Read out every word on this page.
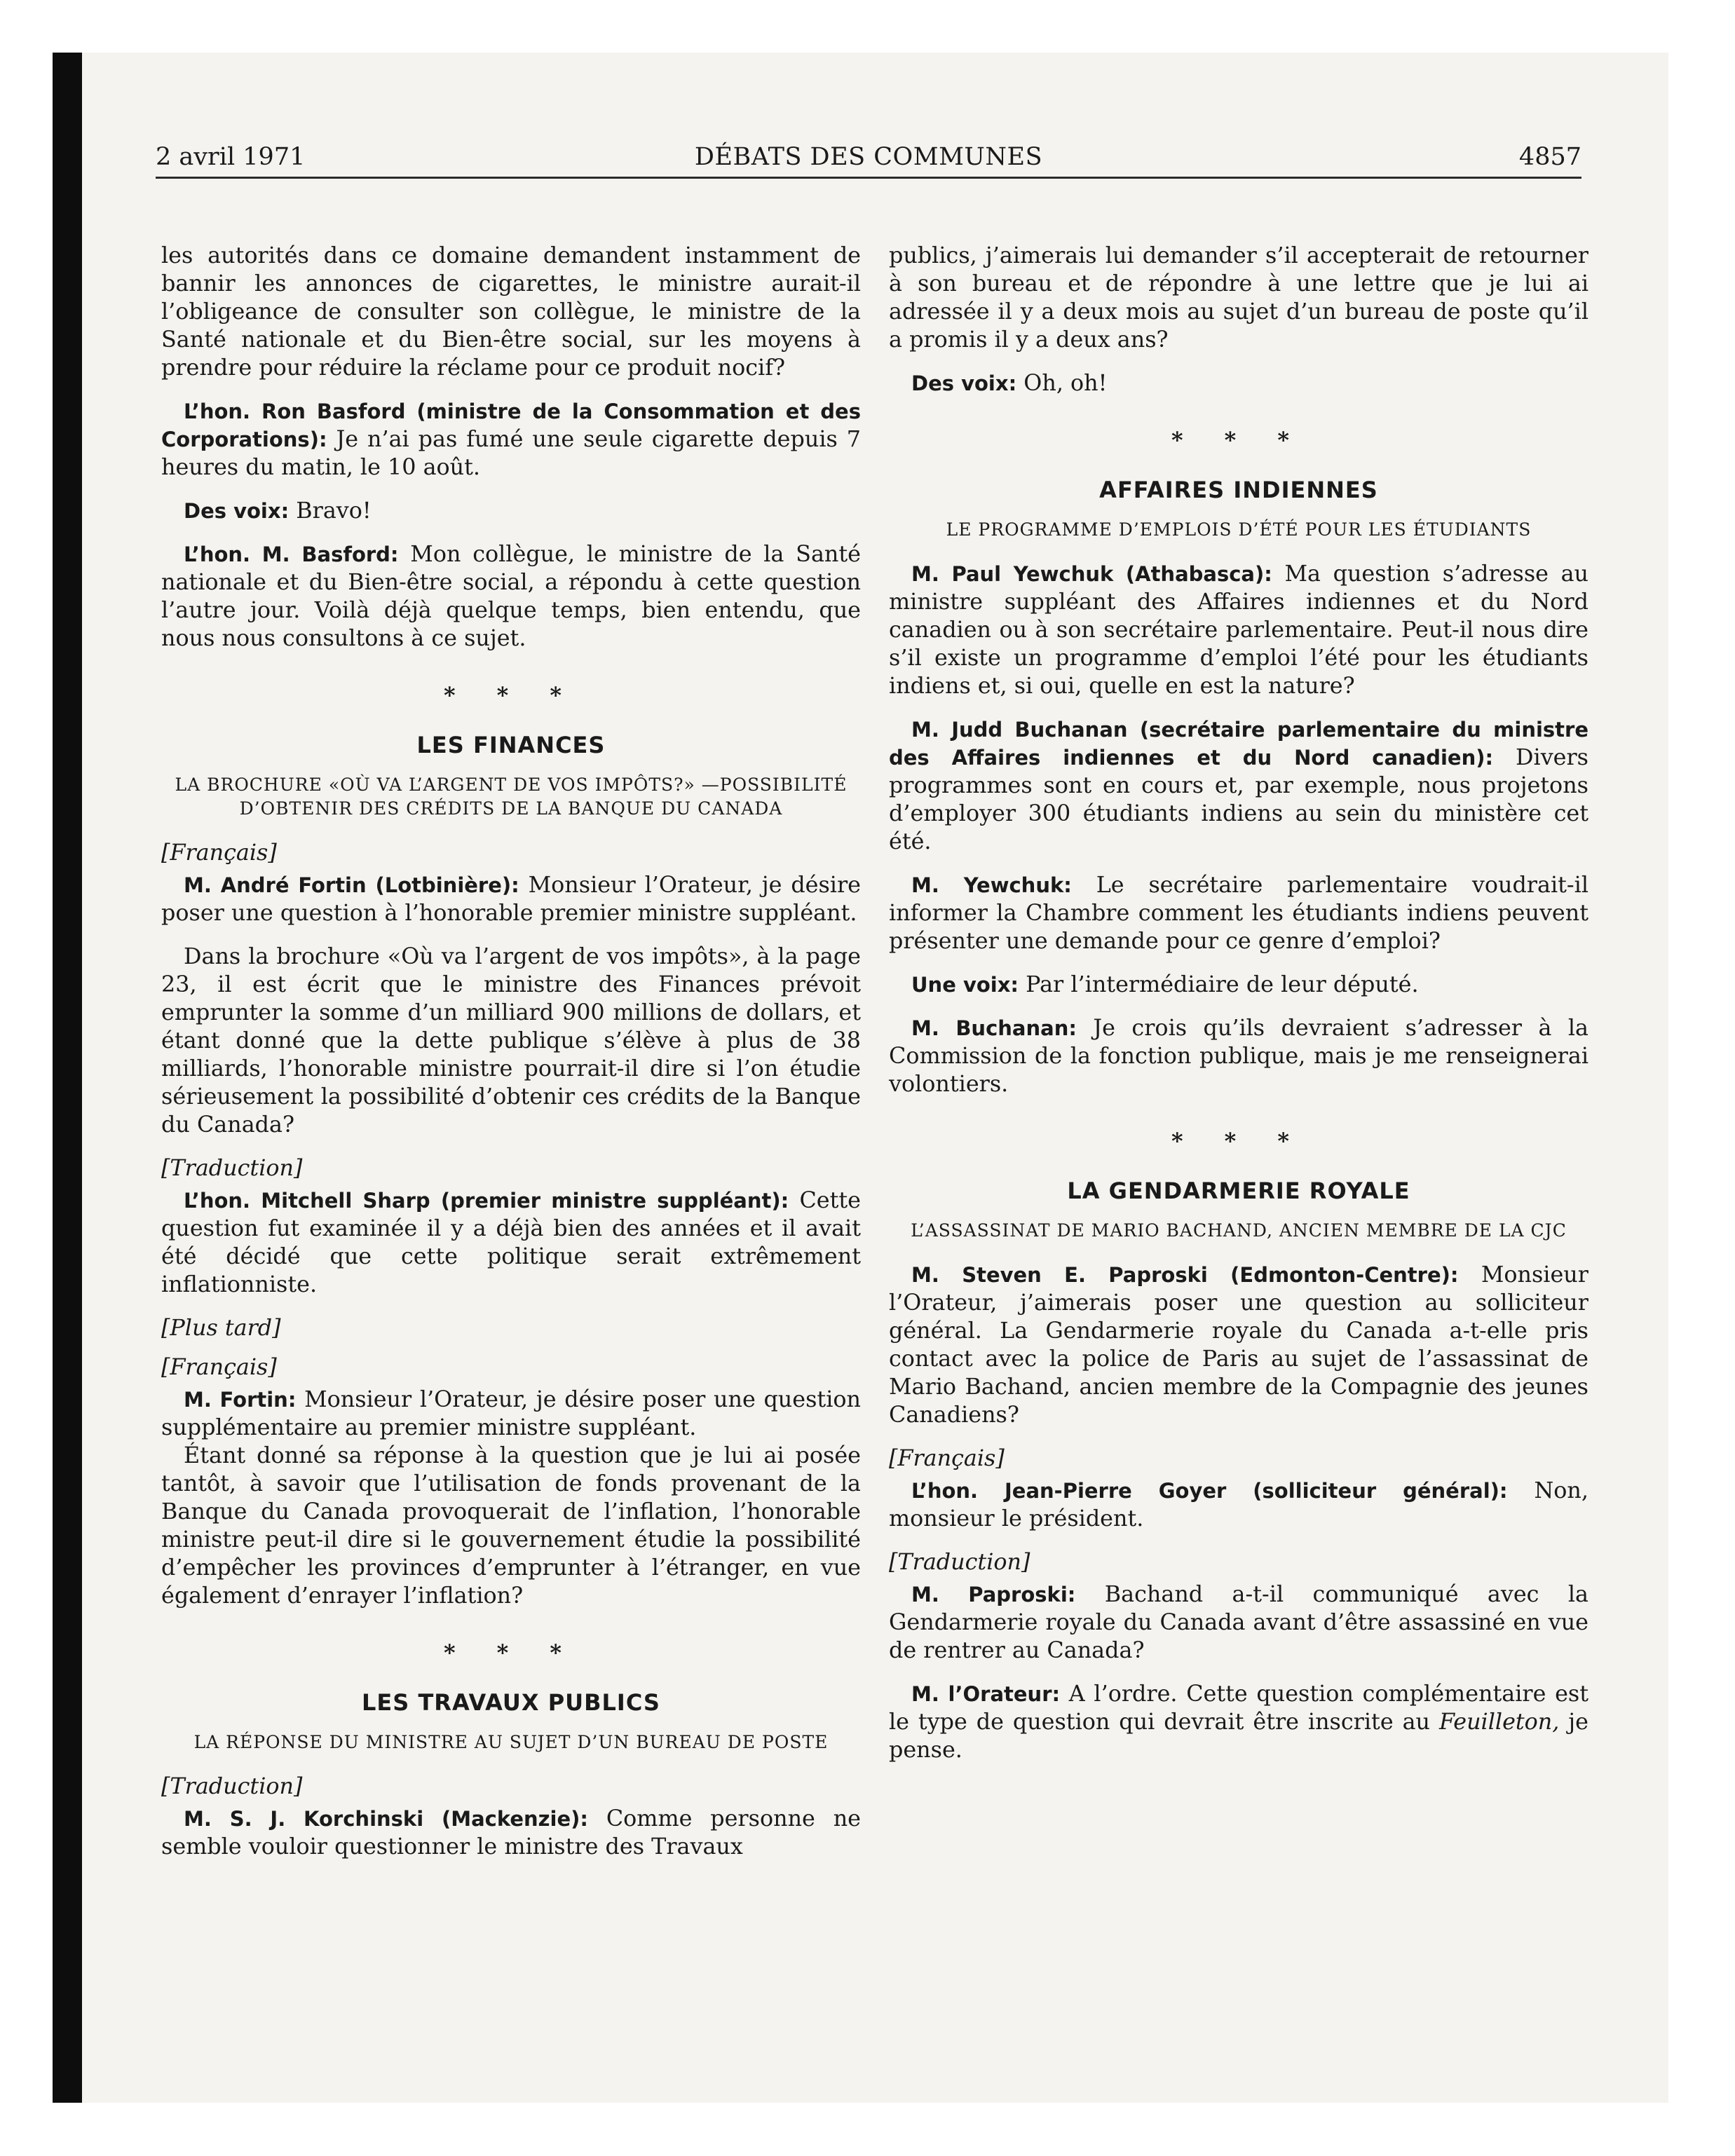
DÉBATS DES COMMUNES
2 avril 1971	4857

les autorités dans ce domaine demandent instamment de bannir les annonces de cigarettes, le ministre aurait-il l’obligeance de consulter son collègue, le ministre de la Santé nationale et du Bien-être social, sur les moyens à prendre pour réduire la réclame pour ce produit nocif?

L’hon. Ron Basford (ministre de la Consommation et des Corporations): Je n’ai pas fumé une seule cigarette depuis 7 heures du matin, le 10 août.

Des voix: Bravo!

L’hon. M. Basford: Mon collègue, le ministre de la Santé nationale et du Bien-être social, a répondu à cette question l’autre jour. Voilà déjà quelque temps, bien entendu, que nous nous consultons à ce sujet.

* * *

LES FINANCES

LA BROCHURE «OÙ VA L’ARGENT DE VOS IMPÔTS?» —POSSIBILITÉ D’OBTENIR DES CRÉDITS DE LA BANQUE DU CANADA

[Français]

M. André Fortin (Lotbinière): Monsieur l’Orateur, je désire poser une question à l’honorable premier ministre suppléant.

Dans la brochure «Où va l’argent de vos impôts», à la page 23, il est écrit que le ministre des Finances prévoit emprunter la somme d’un milliard 900 millions de dollars, et étant donné que la dette publique s’élève à plus de 38 milliards, l’honorable ministre pourrait-il dire si l’on étudie sérieusement la possibilité d’obtenir ces crédits de la Banque du Canada?

[Traduction]

L’hon. Mitchell Sharp (premier ministre suppléant): Cette question fut examinée il y a déjà bien des années et il avait été décidé que cette politique serait extrêmement inflationniste.

[Plus tard]

[Français]

M. Fortin: Monsieur l’Orateur, je désire poser une question supplémentaire au premier ministre suppléant.

Étant donné sa réponse à la question que je lui ai posée tantôt, à savoir que l’utilisation de fonds provenant de la Banque du Canada provoquerait de l’inflation, l’honorable ministre peut-il dire si le gouvernement étudie la possibilité d’empêcher les provinces d’emprunter à l’étranger, en vue également d’enrayer l’inflation?

* * *

LES TRAVAUX PUBLICS

LA RÉPONSE DU MINISTRE AU SUJET D’UN BUREAU DE POSTE

[Traduction]

M. S. J. Korchinski (Mackenzie): Comme personne ne semble vouloir questionner le ministre des Travaux

publics, j’aimerais lui demander s’il accepterait de retourner à son bureau et de répondre à une lettre que je lui ai adressée il y a deux mois au sujet d’un bureau de poste qu’il a promis il y a deux ans?

Des voix: Oh, oh!

* * *

AFFAIRES INDIENNES

LE PROGRAMME D’EMPLOIS D’ÉTÉ POUR LES ÉTUDIANTS

M. Paul Yewchuk (Athabasca): Ma question s’adresse au ministre suppléant des Affaires indiennes et du Nord canadien ou à son secrétaire parlementaire. Peut-il nous dire s’il existe un programme d’emploi l’été pour les étudiants indiens et, si oui, quelle en est la nature?

M. Judd Buchanan (secrétaire parlementaire du ministre des Affaires indiennes et du Nord canadien): Divers programmes sont en cours et, par exemple, nous projetons d’employer 300 étudiants indiens au sein du ministère cet été.

M. Yewchuk: Le secrétaire parlementaire voudrait-il informer la Chambre comment les étudiants indiens peuvent présenter une demande pour ce genre d’emploi?

Une voix: Par l’intermédiaire de leur député.

M. Buchanan: Je crois qu’ils devraient s’adresser à la Commission de la fonction publique, mais je me renseignerai volontiers.

* * *

LA GENDARMERIE ROYALE

L’ASSASSINAT DE MARIO BACHAND, ANCIEN MEMBRE DE LA CJC

M. Steven E. Paproski (Edmonton-Centre): Monsieur l’Orateur, j’aimerais poser une question au solliciteur général. La Gendarmerie royale du Canada a-t-elle pris contact avec la police de Paris au sujet de l’assassinat de Mario Bachand, ancien membre de la Compagnie des jeunes Canadiens?

[Français]

L’hon. Jean-Pierre Goyer (solliciteur général): Non, monsieur le président.

[Traduction]

M. Paproski: Bachand a-t-il communiqué avec la Gendarmerie royale du Canada avant d’être assassiné en vue de rentrer au Canada?

M. l’Orateur: A l’ordre. Cette question complémentaire est le type de question qui devrait être inscrite au Feuilleton, je pense.
